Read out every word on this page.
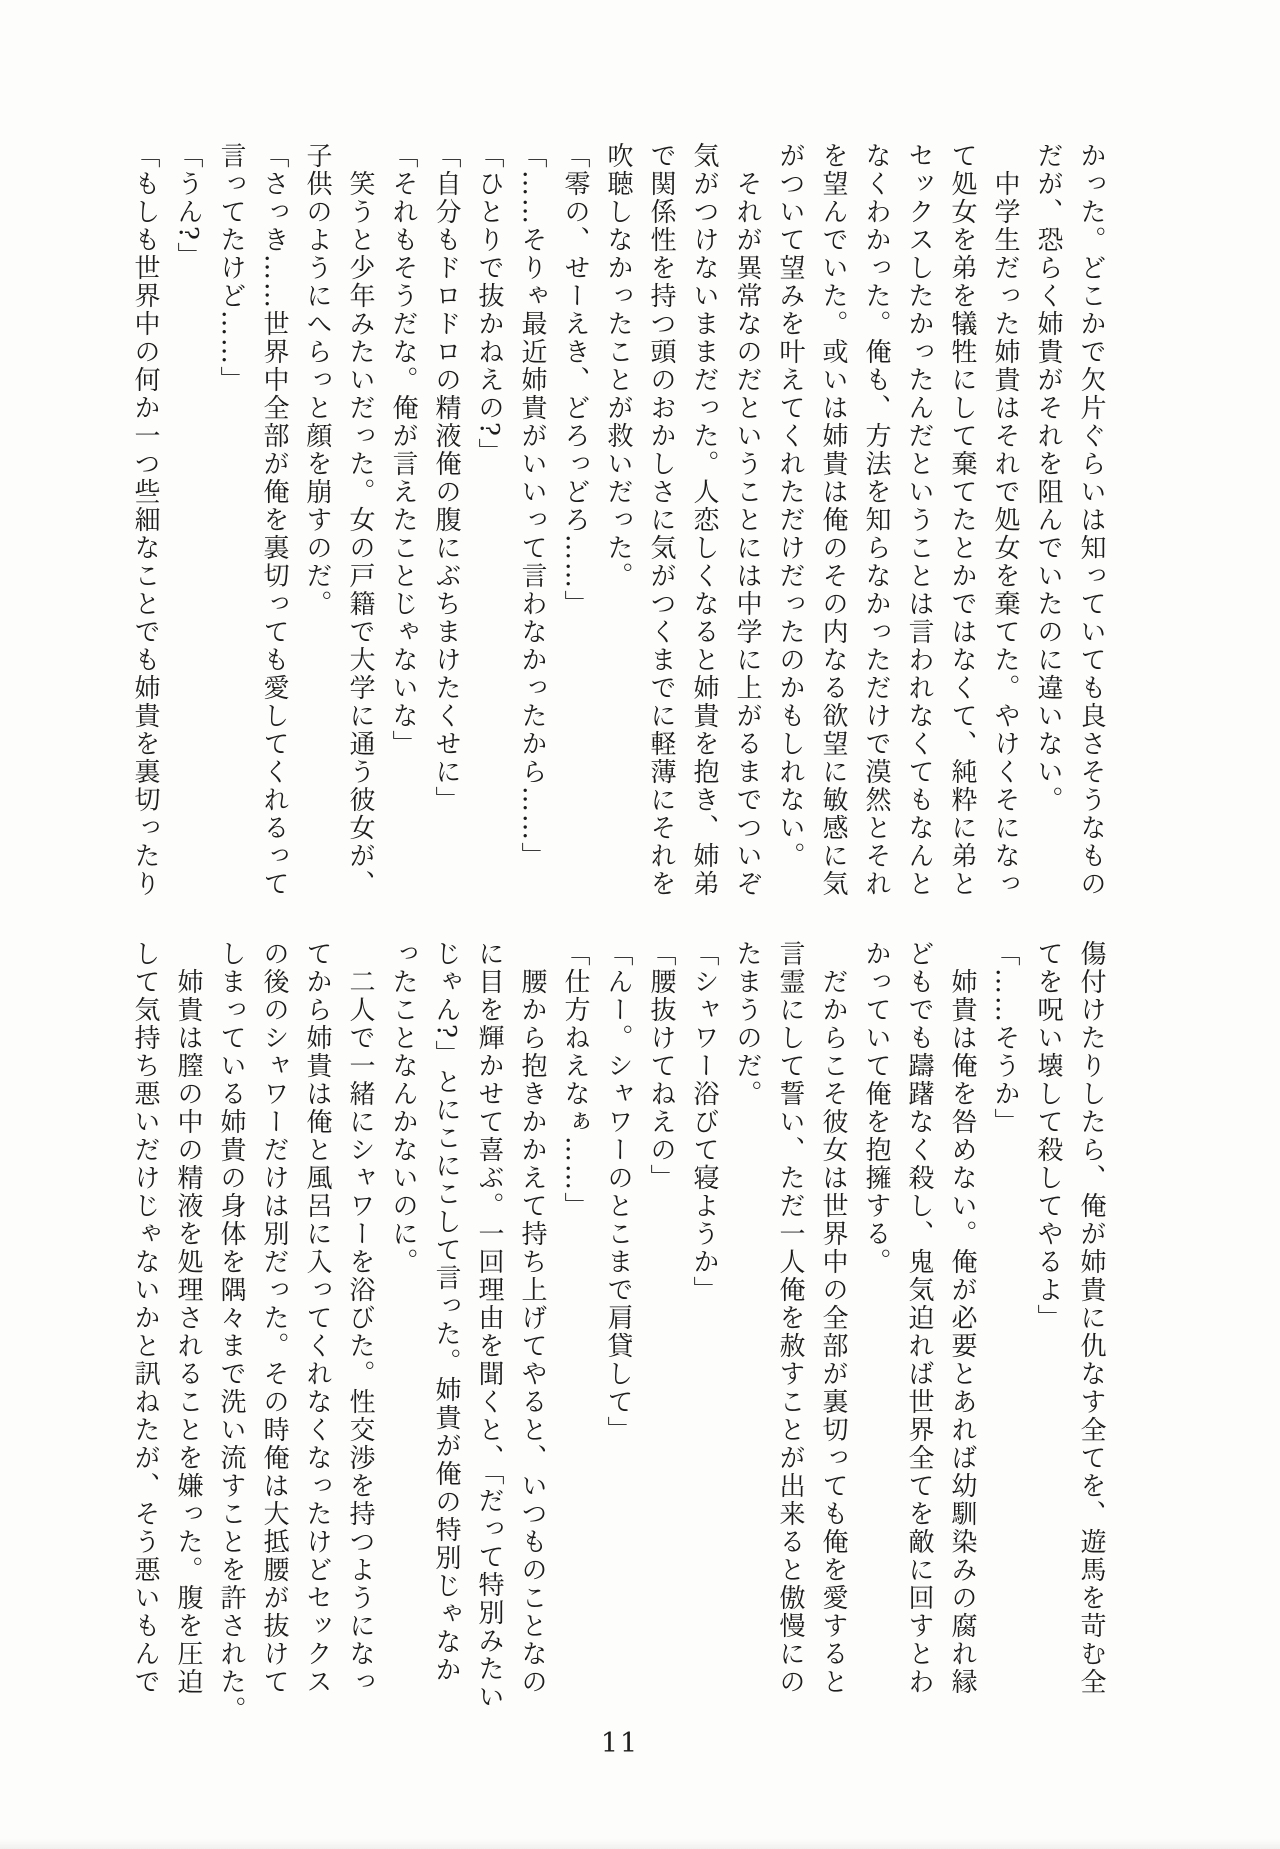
かった。どこかで欠片ぐらいは知っていても良さそうなもの
だが、恐らく姉貴がそれを阻んでいたのに違いない。
　中学生だった姉貴はそれで処女を棄てた。やけくそになっ
て処女を弟を犠牲にして棄てたとかではなくて、純粋に弟と
セックスしたかったんだということは言われなくてもなんと
なくわかった。俺も、方法を知らなかっただけで漠然とそれ
を望んでいた。或いは姉貴は俺のその内なる欲望に敏感に気
がついて望みを叶えてくれただけだったのかもしれない。
　それが異常なのだということには中学に上がるまでついぞ
気がつけないままだった。人恋しくなると姉貴を抱き、姉弟
で関係性を持つ頭のおかしさに気がつくまでに軽薄にそれを
吹聴しなかったことが救いだった。
「零の、せーえき、どろっどろ……」
「……そりゃ最近姉貴がいいって言わなかったから……」
「ひとりで抜かねえの?」
「自分もドロドロの精液俺の腹にぶちまけたくせに」
「それもそうだな。俺が言えたことじゃないな」
　笑うと少年みたいだった。女の戸籍で大学に通う彼女が、
子供のようにへらっと顔を崩すのだ。
「さっき……世界中全部が俺を裏切っても愛してくれるって
言ってたけど……」
「うん?」
「もしも世界中の何か一つ些細なことでも姉貴を裏切ったり
傷付けたりしたら、俺が姉貴に仇なす全てを、遊馬を苛む全
てを呪い壊して殺してやるよ」
「……そうか」
　姉貴は俺を咎めない。俺が必要とあれば幼馴染みの腐れ縁
どもでも躊躇なく殺し、鬼気迫れば世界全てを敵に回すとわ
かっていて俺を抱擁する。
　だからこそ彼女は世界中の全部が裏切っても俺を愛すると
言霊にして誓い、ただ一人俺を赦すことが出来ると傲慢にの
たまうのだ。
「シャワー浴びて寝ようか」
「腰抜けてねえの」
「んー。シャワーのとこまで肩貸して」
「仕方ねえなぁ……」
　腰から抱きかかえて持ち上げてやると、いつものことなの
に目を輝かせて喜ぶ。一回理由を聞くと、「だって特別みたい
じゃん?」とにこにこして言った。姉貴が俺の特別じゃなか
ったことなんかないのに。
　二人で一緒にシャワーを浴びた。性交渉を持つようになっ
てから姉貴は俺と風呂に入ってくれなくなったけどセックス
の後のシャワーだけは別だった。その時俺は大抵腰が抜けて
しまっている姉貴の身体を隅々まで洗い流すことを許された。
　姉貴は膣の中の精液を処理されることを嫌った。腹を圧迫
して気持ち悪いだけじゃないかと訊ねたが、そう悪いもんで
11
